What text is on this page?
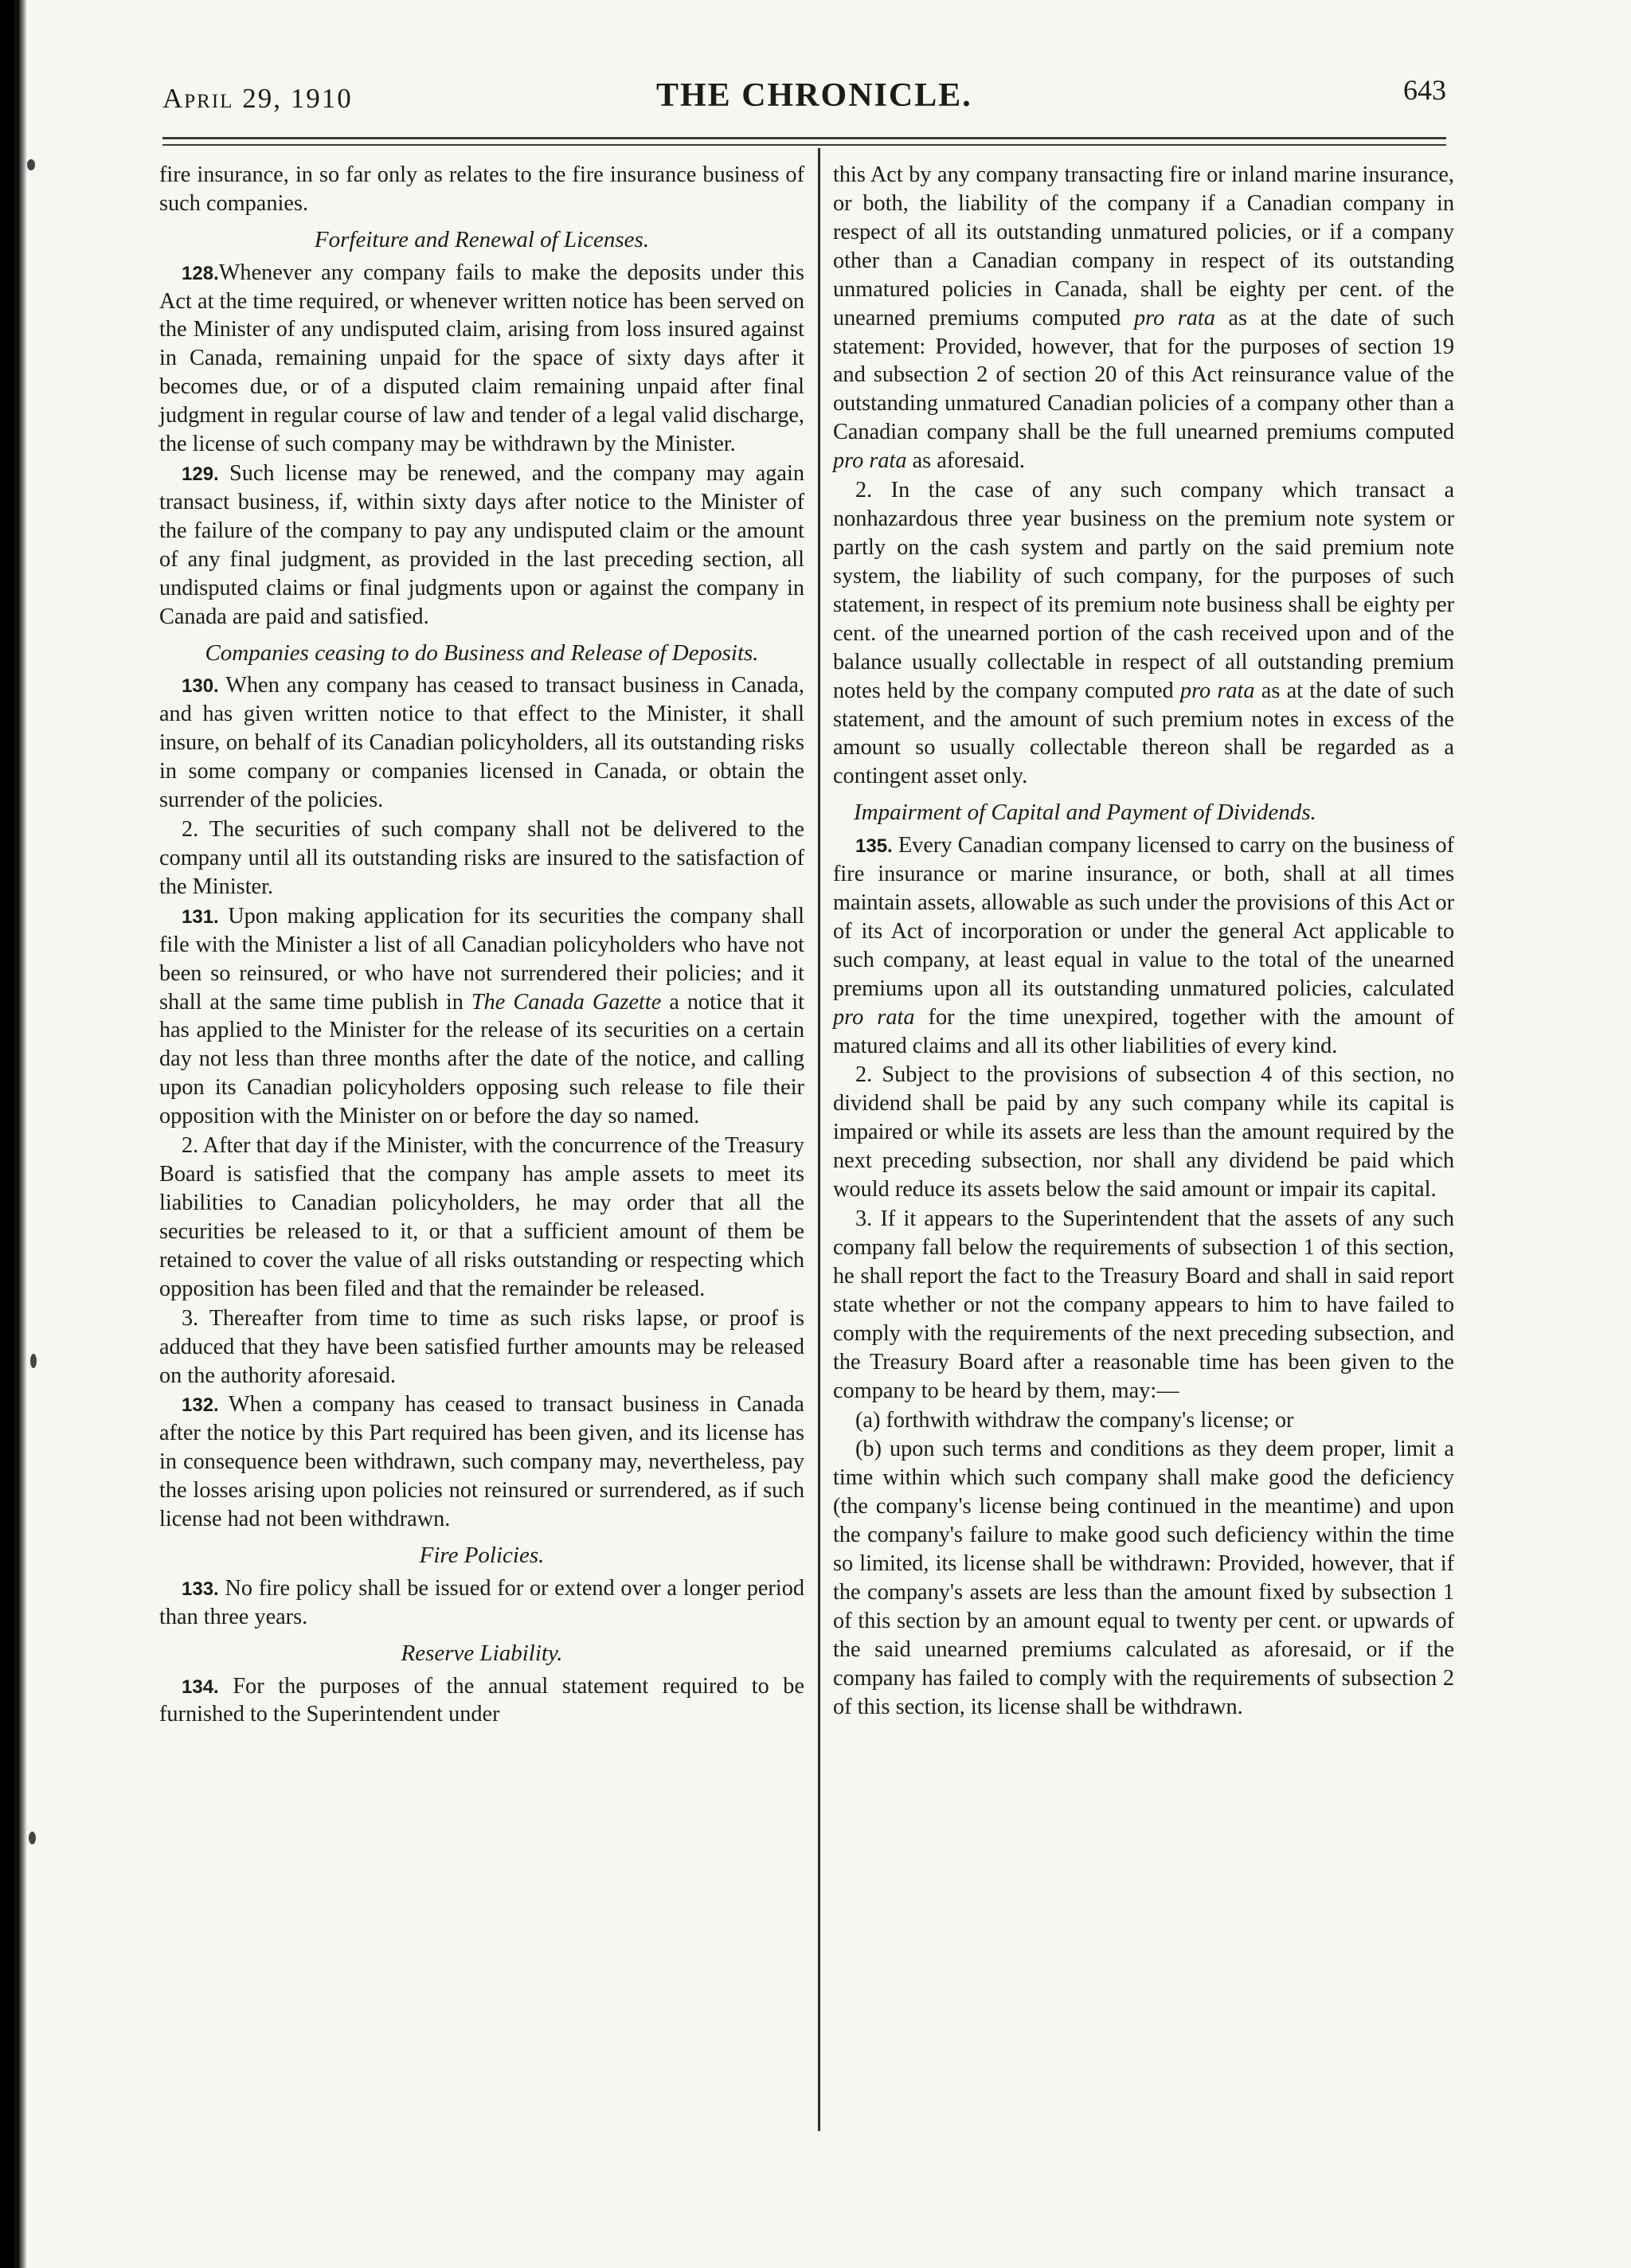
April 29, 1910	THE CHRONICLE.	643

fire insurance, in so far only as relates to the fire insurance business of such companies.

Forfeiture and Renewal of Licenses.

128.Whenever any company fails to make the deposits under this Act at the time required, or whenever written notice has been served on the Minister of any undisputed claim, arising from loss insured against in Canada, remaining unpaid for the space of sixty days after it becomes due, or of a disputed claim remaining unpaid after final judgment in regular course of law and tender of a legal valid discharge, the license of such company may be withdrawn by the Minister.

129. Such license may be renewed, and the company may again transact business, if, within sixty days after notice to the Minister of the failure of the company to pay any undisputed claim or the amount of any final judgment, as provided in the last preceding section, all undisputed claims or final judgments upon or against the company in Canada are paid and satisfied.

Companies ceasing to do Business and Release of Deposits.

130. When any company has ceased to transact business in Canada, and has given written notice to that effect to the Minister, it shall insure, on behalf of its Canadian policyholders, all its outstanding risks in some company or companies licensed in Canada, or obtain the surrender of the policies.

2. The securities of such company shall not be delivered to the company until all its outstanding risks are insured to the satisfaction of the Minister.

131. Upon making application for its securities the company shall file with the Minister a list of all Canadian policyholders who have not been so reinsured, or who have not surrendered their policies; and it shall at the same time publish in The Canada Gazette a notice that it has applied to the Minister for the release of its securities on a certain day not less than three months after the date of the notice, and calling upon its Canadian policyholders opposing such release to file their opposition with the Minister on or before the day so named.

2. After that day if the Minister, with the concurrence of the Treasury Board is satisfied that the company has ample assets to meet its liabilities to Canadian policyholders, he may order that all the securities be released to it, or that a sufficient amount of them be retained to cover the value of all risks outstanding or respecting which opposition has been filed and that the remainder be released.

3. Thereafter from time to time as such risks lapse, or proof is adduced that they have been satisfied further amounts may be released on the authority aforesaid.

132. When a company has ceased to transact business in Canada after the notice by this Part required has been given, and its license has in consequence been withdrawn, such company may, nevertheless, pay the losses arising upon policies not reinsured or surrendered, as if such license had not been withdrawn.

Fire Policies.

133. No fire policy shall be issued for or extend over a longer period than three years.

Reserve Liability.

134. For the purposes of the annual statement required to be furnished to the Superintendent under

this Act by any company transacting fire or inland marine insurance, or both, the liability of the company if a Canadian company in respect of all its outstanding unmatured policies, or if a company other than a Canadian company in respect of its outstanding unmatured policies in Canada, shall be eighty per cent. of the unearned premiums computed pro rata as at the date of such statement: Provided, however, that for the purposes of section 19 and subsection 2 of section 20 of this Act reinsurance value of the outstanding unmatured Canadian policies of a company other than a Canadian company shall be the full unearned premiums computed pro rata as aforesaid.

2. In the case of any such company which transact a nonhazardous three year business on the premium note system or partly on the cash system and partly on the said premium note system, the liability of such company, for the purposes of such statement, in respect of its premium note business shall be eighty per cent. of the unearned portion of the cash received upon and of the balance usually collectable in respect of all outstanding premium notes held by the company computed pro rata as at the date of such statement, and the amount of such premium notes in excess of the amount so usually collectable thereon shall be regarded as a contingent asset only.

Impairment of Capital and Payment of Dividends.

135. Every Canadian company licensed to carry on the business of fire insurance or marine insurance, or both, shall at all times maintain assets, allowable as such under the provisions of this Act or of its Act of incorporation or under the general Act applicable to such company, at least equal in value to the total of the unearned premiums upon all its outstanding unmatured policies, calculated pro rata for the time unexpired, together with the amount of matured claims and all its other liabilities of every kind.

2. Subject to the provisions of subsection 4 of this section, no dividend shall be paid by any such company while its capital is impaired or while its assets are less than the amount required by the next preceding subsection, nor shall any dividend be paid which would reduce its assets below the said amount or impair its capital.

3. If it appears to the Superintendent that the assets of any such company fall below the requirements of subsection 1 of this section, he shall report the fact to the Treasury Board and shall in said report state whether or not the company appears to him to have failed to comply with the requirements of the next preceding subsection, and the Treasury Board after a reasonable time has been given to the company to be heard by them, may:—

(a) forthwith withdraw the company's license; or

(b) upon such terms and conditions as they deem proper, limit a time within which such company shall make good the deficiency (the company's license being continued in the meantime) and upon the company's failure to make good such deficiency within the time so limited, its license shall be withdrawn: Provided, however, that if the company's assets are less than the amount fixed by subsection 1 of this section by an amount equal to twenty per cent. or upwards of the said unearned premiums calculated as aforesaid, or if the company has failed to comply with the requirements of subsection 2 of this section, its license shall be withdrawn.
